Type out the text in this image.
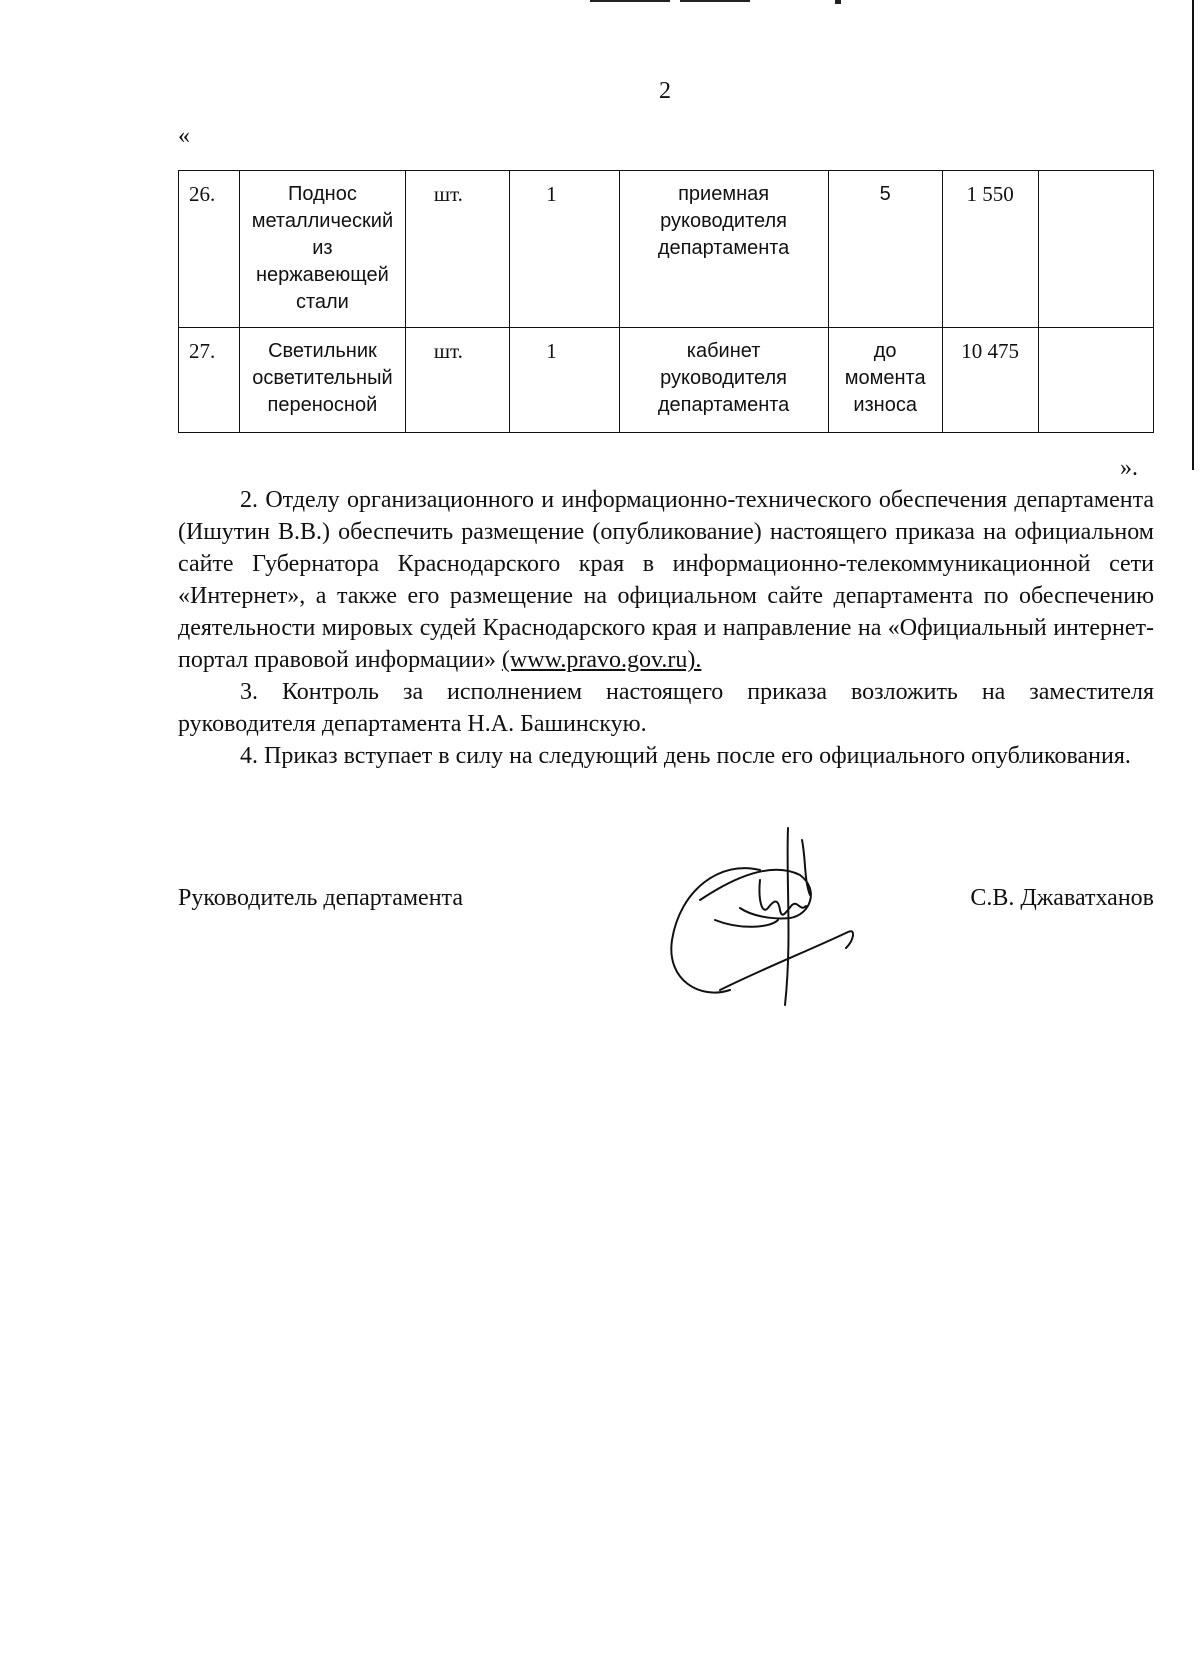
2
«
26.	Поднос металлический из нержавеющей стали	шт.	1	приемная руководителя департамента	5	1 550	
27.	Светильник осветительный переносной	шт.	1	кабинет руководителя департамента	до момента износа	10 475	
».

2. Отделу организационного и информационно-технического обеспечения департамента (Ишутин В.В.) обеспечить размещение (опубликование) настоящего приказа на официальном сайте Губернатора Краснодарского края в информационно-телекоммуникационной сети «Интернет», а также его размещение на официальном сайте департамента по обеспечению деятельности мировых судей Краснодарского края и направление на «Официальный интернет-портал правовой информации» (www.pravo.gov.ru).

3. Контроль за исполнением настоящего приказа возложить на заместителя руководителя департамента Н.А. Башинскую.

4. Приказ вступает в силу на следующий день после его официального опубликования.

Руководитель департамента	С.В. Джаватханов
